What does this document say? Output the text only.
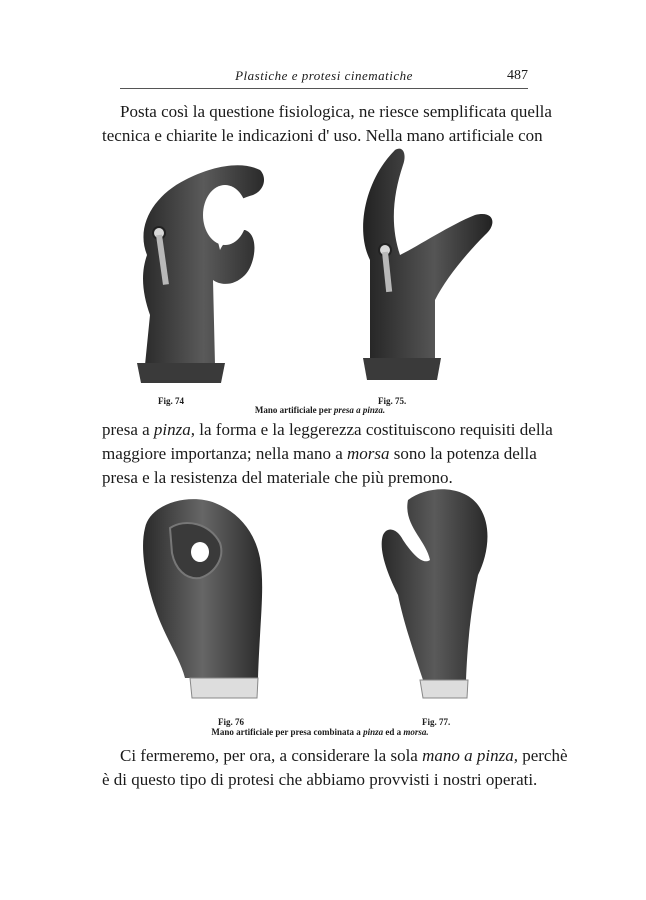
Plastiche e protesi cinematiche	487

Posta così la questione fisiologica, ne riesce semplificata quella
tecnica e chiarite le indicazioni d' uso. Nella mano artificiale con

Fig. 74	Fig. 75.
Mano artificiale per presa a pinza.

presa a pinza, la forma e la leggerezza costituiscono requisiti della
maggiore importanza; nella mano a morsa sono la potenza della
presa e la resistenza del materiale che più premono.

Fig. 76	Fig. 77.
Mano artificiale per presa combinata a pinza ed a morsa.

Ci fermeremo, per ora, a considerare la sola mano a pinza, perchè
è di questo tipo di protesi che abbiamo provvisti i nostri operati.
